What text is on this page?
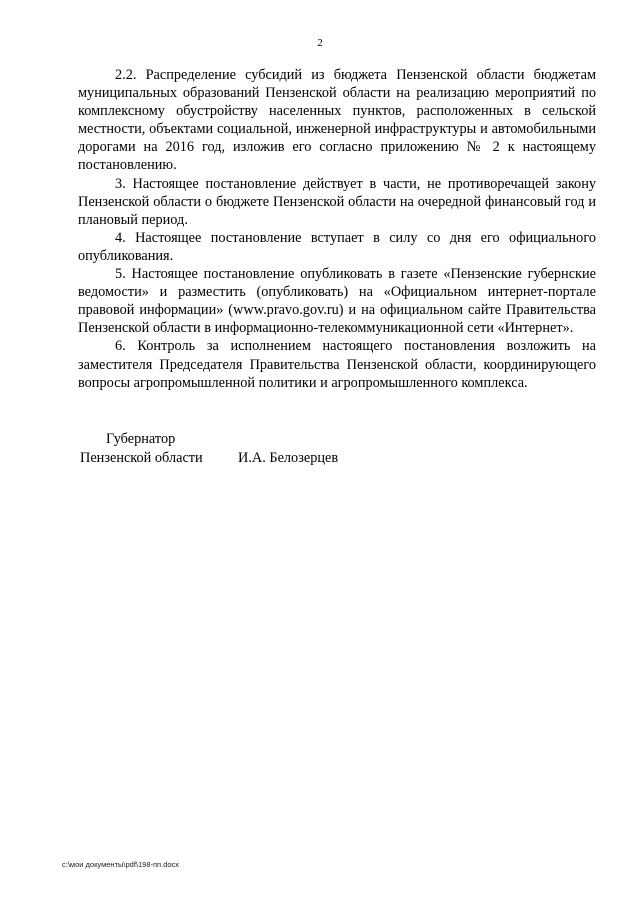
2

2.2. Распределение субсидий из бюджета Пензенской области бюджетам муниципальных образований Пензенской области на реализацию мероприятий по комплексному обустройству населенных пунктов, расположенных в сельской местности, объектами социальной, инженерной инфраструктуры и автомобильными дорогами на 2016 год, изложив его согласно приложению № 2 к настоящему постановлению.

3. Настоящее постановление действует в части, не противоречащей закону Пензенской области о бюджете Пензенской области на очередной финансовый год и плановый период.

4. Настоящее постановление вступает в силу со дня его официального опубликования.

5. Настоящее постановление опубликовать в газете «Пензенские губернские ведомости» и разместить (опубликовать) на «Официальном интернет-портале правовой информации» (www.pravo.gov.ru) и на официальном сайте Правительства Пензенской области в информационно-телекоммуникационной сети «Интернет».

6. Контроль за исполнением настоящего постановления возложить на заместителя Председателя Правительства Пензенской области, координирующего вопросы агропромышленной политики и агропромышленного комплекса.

Губернатор
Пензенской области И.А. Белозерцев
c:\мои документы\pdf\198-пп.docx
